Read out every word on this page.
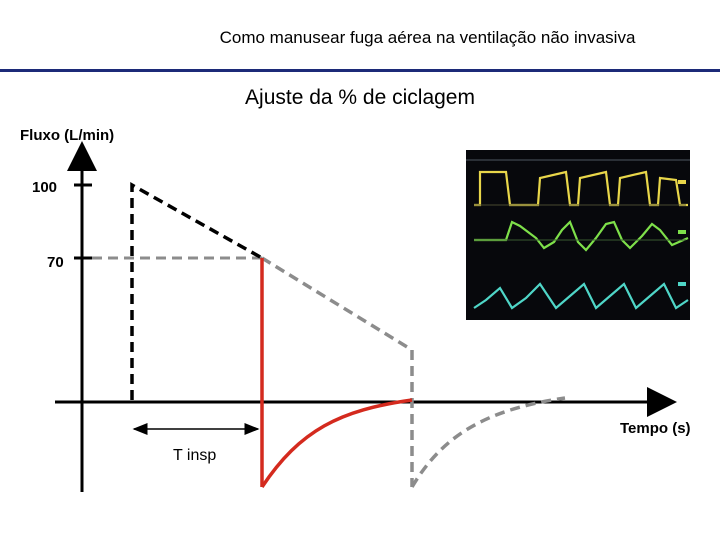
Como manusear fuga aérea na ventilação não invasiva
Ajuste da % de ciclagem
Fluxo (L/min)
100
70
Tempo (s)
T insp
